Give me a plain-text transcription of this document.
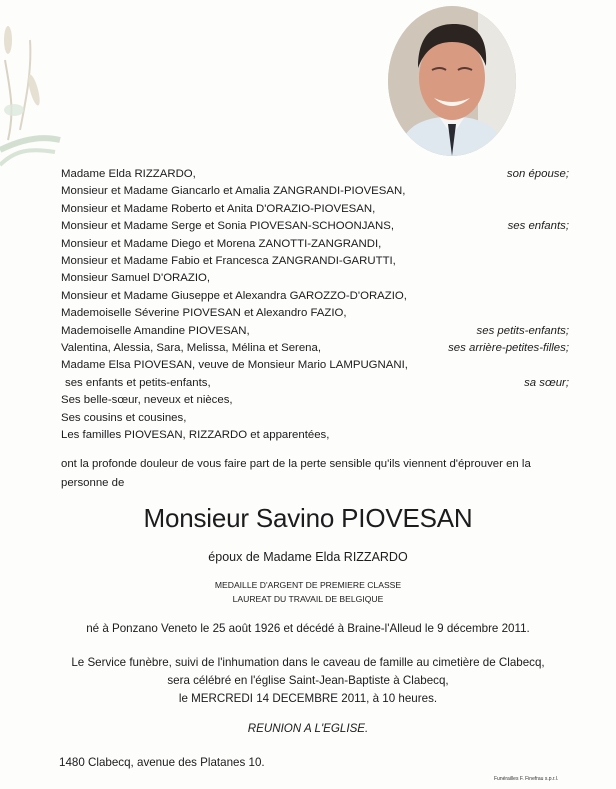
Madame Elda RIZZARDO,	son épouse;
Monsieur et Madame Giancarlo et Amalia ZANGRANDI-PIOVESAN,
Monsieur et Madame Roberto et Anita D'ORAZIO-PIOVESAN,
Monsieur et Madame Serge et Sonia PIOVESAN-SCHOONJANS,	ses enfants;
Monsieur et Madame Diego et Morena ZANOTTI-ZANGRANDI,
Monsieur et Madame Fabio et Francesca ZANGRANDI-GARUTTI,
Monsieur Samuel D'ORAZIO,
Monsieur et Madame Giuseppe et Alexandra GAROZZO-D'ORAZIO,
Mademoiselle Séverine PIOVESAN et Alexandro FAZIO,
Mademoiselle Amandine PIOVESAN,	ses petits-enfants;
Valentina, Alessia, Sara, Melissa, Mélina et Serena,	ses arrière-petites-filles;
Madame Elsa PIOVESAN, veuve de Monsieur Mario LAMPUGNANI,
ses enfants et petits-enfants,	sa sœur;
Ses belle-sœur, neveux et nièces,
Ses cousins et cousines,
Les familles PIOVESAN, RIZZARDO et apparentées,
ont la profonde douleur de vous faire part de la perte sensible qu'ils viennent d'éprouver en la
personne de
Monsieur Savino PIOVESAN
époux de Madame Elda RIZZARDO
MEDAILLE D'ARGENT DE PREMIERE CLASSE
LAUREAT DU TRAVAIL DE BELGIQUE
né à Ponzano Veneto le 25 août 1926 et décédé à Braine-l'Alleud le 9 décembre 2011.
Le Service funèbre, suivi de l'inhumation dans le caveau de famille au cimetière de Clabecq,
sera célébré en l'église Saint-Jean-Baptiste à Clabecq,
le MERCREDI 14 DECEMBRE 2011, à 10 heures.
REUNION A L'EGLISE.
1480 Clabecq, avenue des Platanes 10.
Funérailles F. Finefrau s.p.r.l.
